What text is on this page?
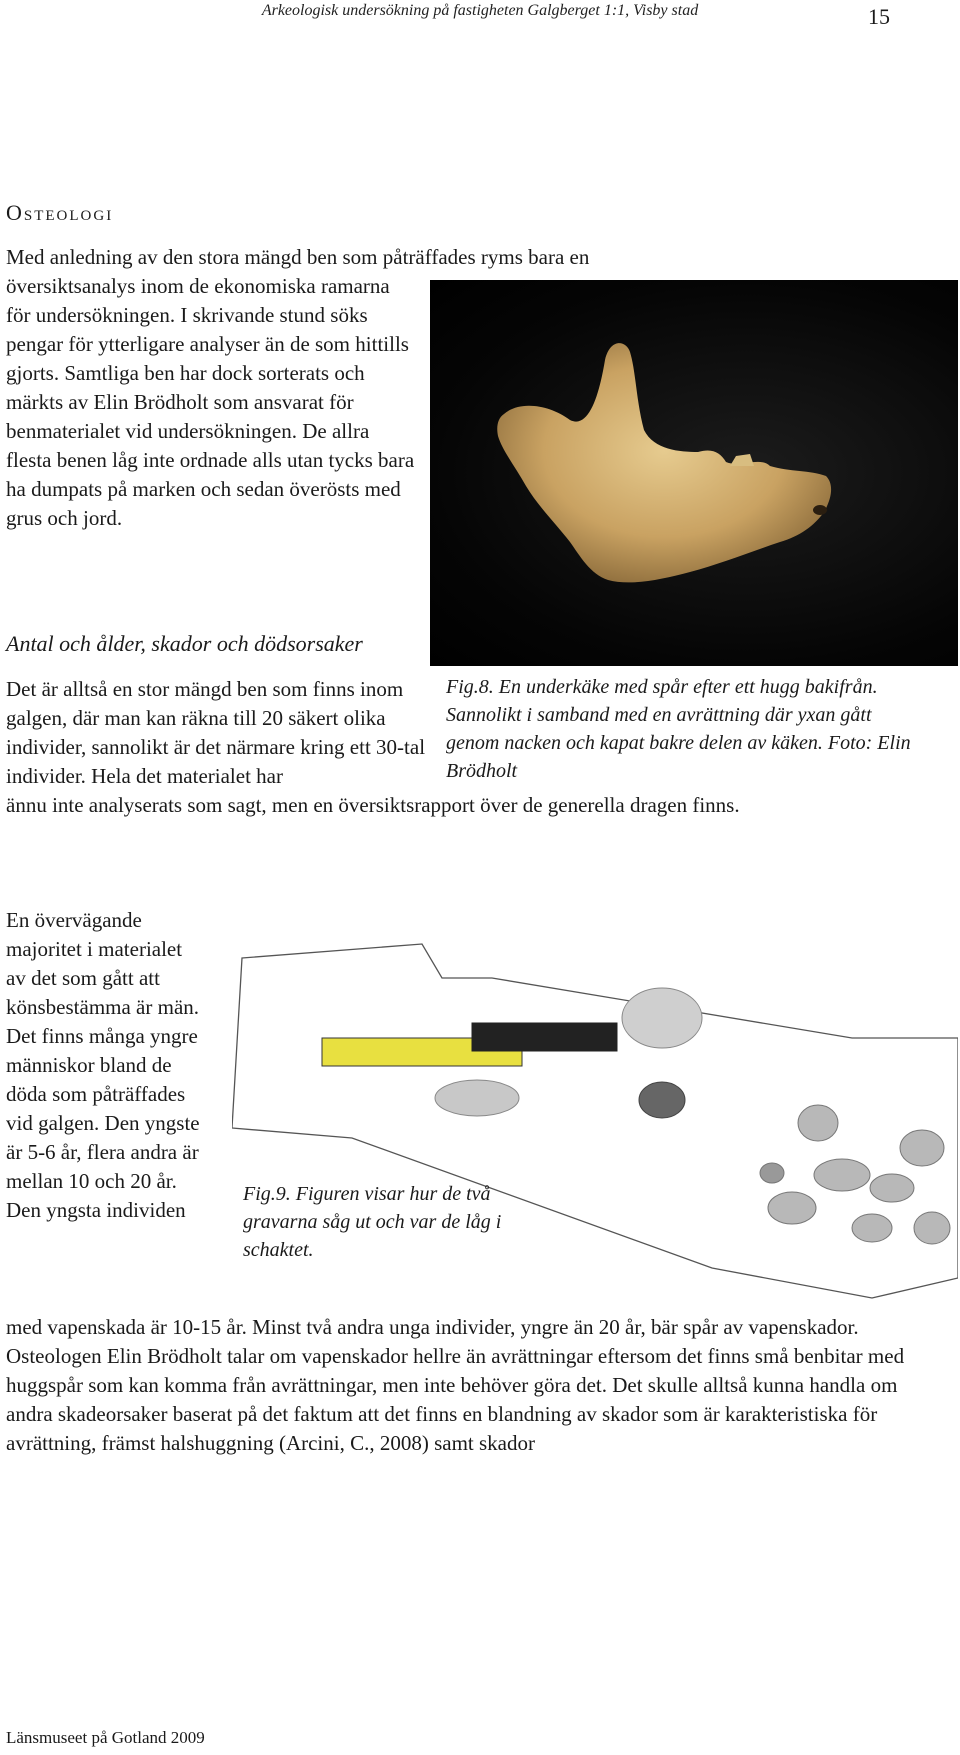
Arkeologisk undersökning på fastigheten Galgberget 1:1, Visby stad	15
Osteologi
Med anledning av den stora mängd ben som påträffades ryms bara en
översiktsanalys inom de ekonomiska ramarna för undersökningen. I skrivande stund söks pengar för ytterligare analyser än de som hittills gjorts. Samtliga ben har dock sorterats och märkts av Elin Brödholt som ansvarat för benmaterialet vid undersökningen. De allra flesta benen låg inte ordnade alls utan tycks bara ha dumpats på marken och sedan överösts med grus och jord.
Antal och ålder, skador och dödsorsaker
Det är alltså en stor mängd ben som finns inom galgen, där man kan räkna till 20 säkert olika individer, sannolikt är det närmare kring ett 30-tal individer. Hela det materialet har
Fig.8. En underkäke med spår efter ett hugg bakifrån. Sannolikt i samband med en avrättning där yxan gått genom nacken och kapat bakre delen av käken. Foto: Elin Brödholt
ännu inte analyserats som sagt, men en översiktsrapport över de generella dragen finns.
En övervägande majoritet i materialet av det som gått att könsbestämma är män. Det finns många yngre människor bland de döda som påträffades vid galgen. Den yngste är 5-6 år, flera andra är mellan 10 och 20 år. Den yngsta individen
Fig.9. Figuren visar hur de två gravarna såg ut och var de låg i schaktet.
med vapenskada är 10-15 år. Minst två andra unga individer, yngre än 20 år, bär spår av vapenskador. Osteologen Elin Brödholt talar om vapenskador hellre än avrättningar eftersom det finns små benbitar med huggspår som kan komma från avrättningar, men inte behöver göra det. Det skulle alltså kunna handla om andra skadeorsaker baserat på det faktum att det finns en blandning av skador som är karakteristiska för avrättning, främst halshuggning (Arcini, C., 2008) samt skador
Länsmuseet på Gotland 2009
